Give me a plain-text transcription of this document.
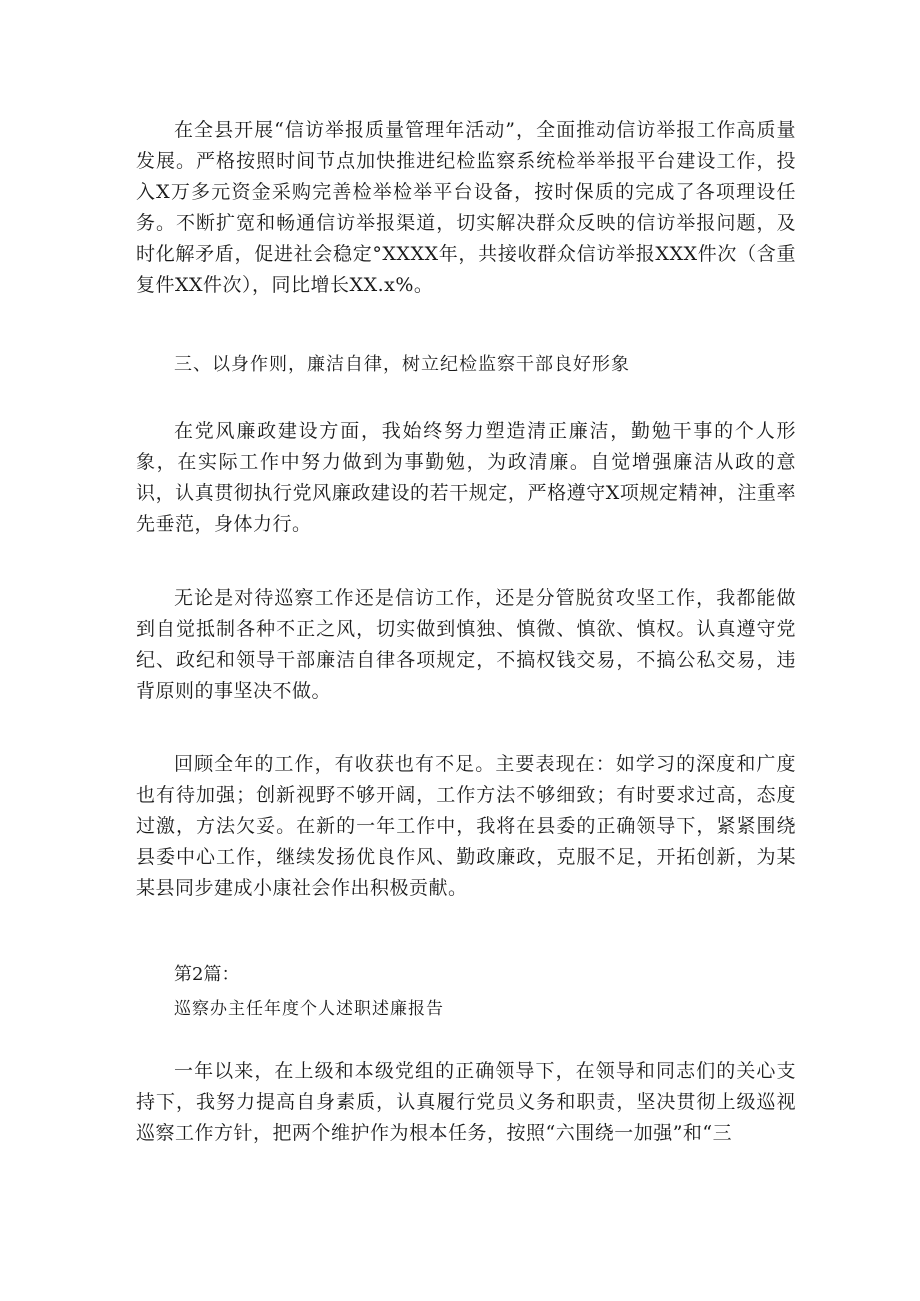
在全县开展“信访举报质量管理年活动”，全面推动信访举报工作高质量发展。严格按照时间节点加快推进纪检监察系统检举举报平台建设工作，投入X万多元资金采购完善检举检举平台设备，按时保质的完成了各项理设任务。不断扩宽和畅通信访举报渠道，切实解决群众反映的信访举报问题，及时化解矛盾，促进社会稳定°XXXX年，共接收群众信访举报XXX件次（含重复件XX件次），同比增长XX.x%。

三、以身作则，廉洁自律，树立纪检监察干部良好形象

在党风廉政建设方面，我始终努力塑造清正廉洁，勤勉干事的个人形象，在实际工作中努力做到为事勤勉，为政清廉。自觉增强廉洁从政的意识，认真贯彻执行党风廉政建设的若干规定，严格遵守X项规定精神，注重率先垂范，身体力行。

无论是对待巡察工作还是信访工作，还是分管脱贫攻坚工作，我都能做到自觉抵制各种不正之风，切实做到慎独、慎微、慎欲、慎权。认真遵守党纪、政纪和领导干部廉洁自律各项规定，不搞权钱交易，不搞公私交易，违背原则的事坚决不做。

回顾全年的工作，有收获也有不足。主要表现在：如学习的深度和广度也有待加强；创新视野不够开阔，工作方法不够细致；有时要求过高，态度过激，方法欠妥。在新的一年工作中，我将在县委的正确领导下，紧紧围绕县委中心工作，继续发扬优良作风、勤政廉政，克服不足，开拓创新，为某某县同步建成小康社会作出积极贡献。

第2篇：

巡察办主任年度个人述职述廉报告

一年以来，在上级和本级党组的正确领导下，在领导和同志们的关心支持下，我努力提高自身素质，认真履行党员义务和职责，坚决贯彻上级巡视巡察工作方针，把两个维护作为根本任务，按照“六围绕一加强”和“三
